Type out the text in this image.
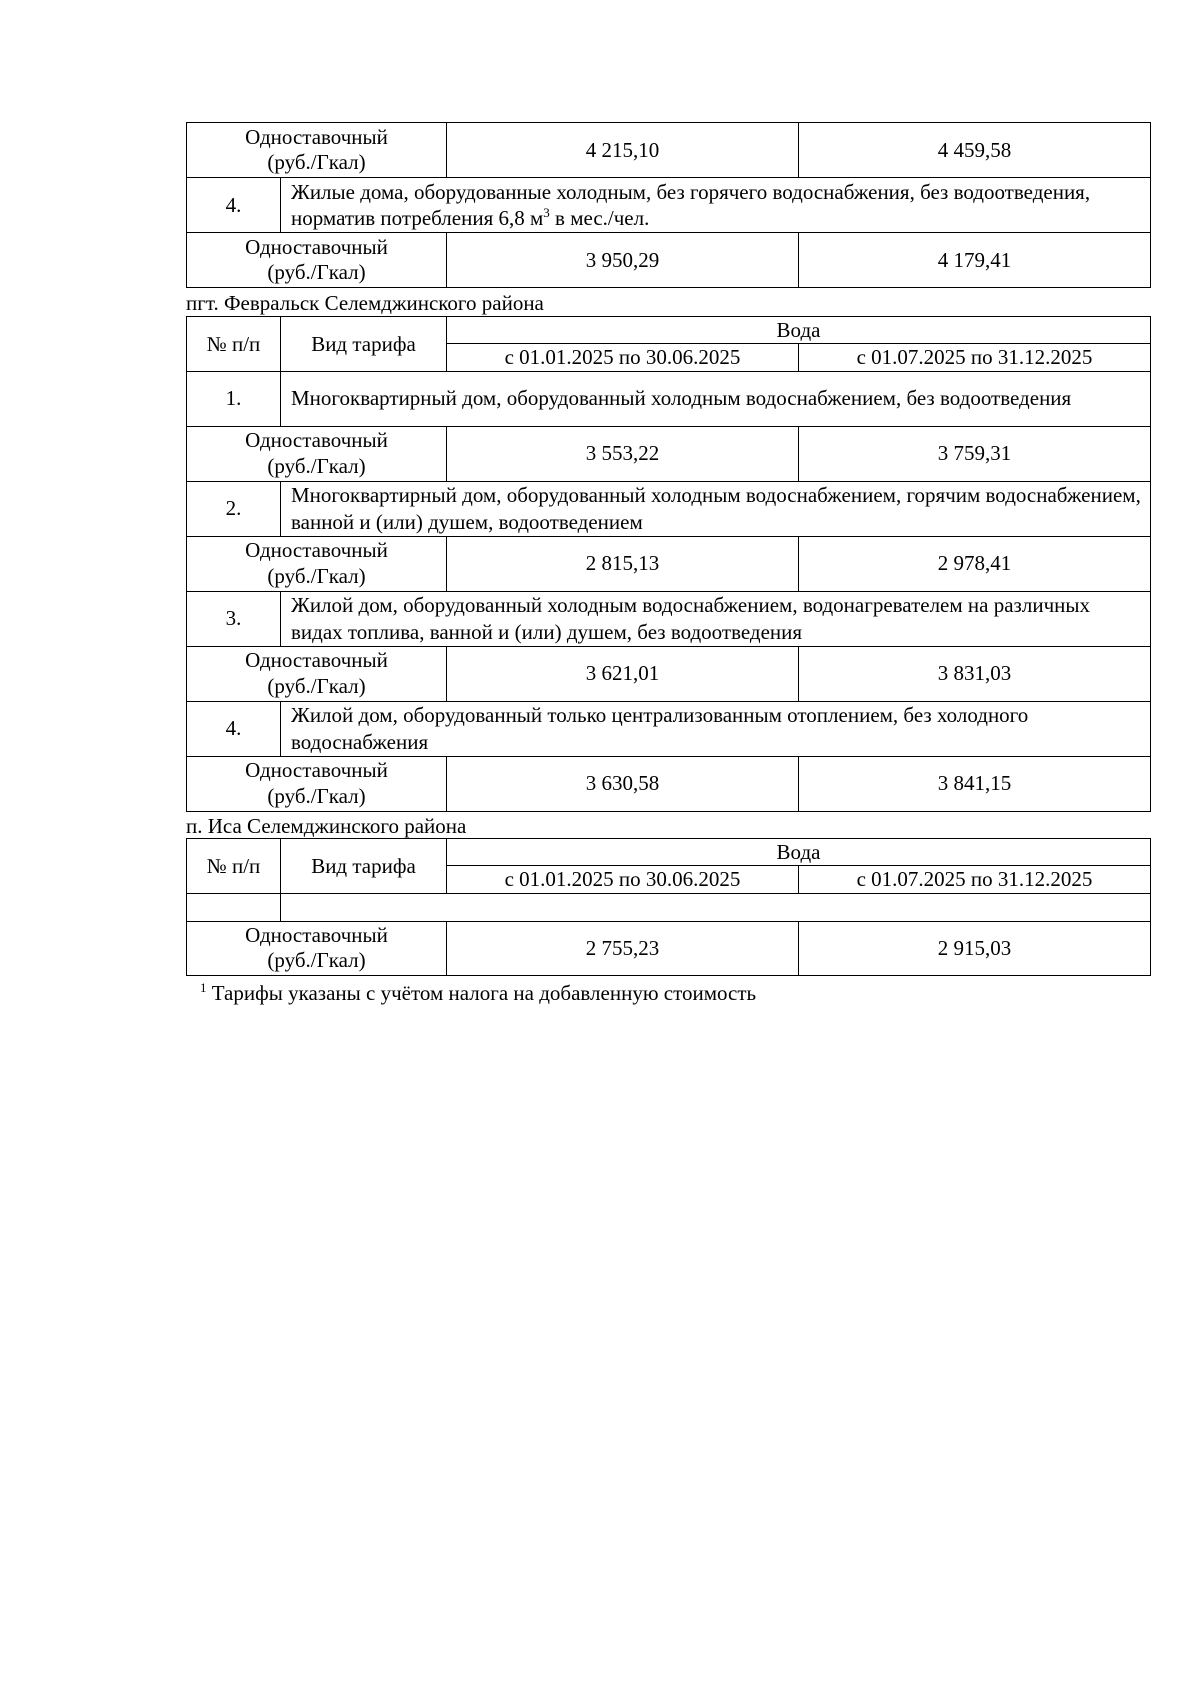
Одноставочный
(руб./Гкал)		4 215,10	4 459,58
4.	Жилые дома, оборудованные холодным, без горячего водоснабжения, без водоотведения, норматив потребления 6,8 $м^3$ в мес./чел.		

Одноставочный
(руб./Гкал)		3 950,29	4 179,41
пгт. Февральск Селемджинского района
№ п/п	Вид тарифа	Вода	
		с 01.01.2025 по 30.06.2025	с 01.07.2025 по 31.12.2025
1.	Многоквартирный дом, оборудованный холодным водоснабжением, без водоотведения		

Одноставочный
(руб./Гкал)		3 553,22	3 759,31
2.	Многоквартирный дом, оборудованный холодным водоснабжением, горячим водоснабжением, ванной и (или) душем, водоотведением		

Одноставочный
(руб./Гкал)		2 815,13	2 978,41
3.	Жилой дом, оборудованный холодным водоснабжением, водонагревателем на различных видах топлива, ванной и (или) душем, без водоотведения		

Одноставочный
(руб./Гкал)		3 621,01	3 831,03
4.	Жилой дом, оборудованный только централизованным отоплением, без холодного водоснабжения		

Одноставочный
(руб./Гкал)		3 630,58	3 841,15
п. Иса Селемджинского района
№ п/п	Вид тарифа	Вода	
		с 01.01.2025 по 30.06.2025	с 01.07.2025 по 31.12.2025

Одноставочный
(руб./Гкал)		2 755,23	2 915,03
$^1$ Тарифы указаны с учётом налога на добавленную стоимость
